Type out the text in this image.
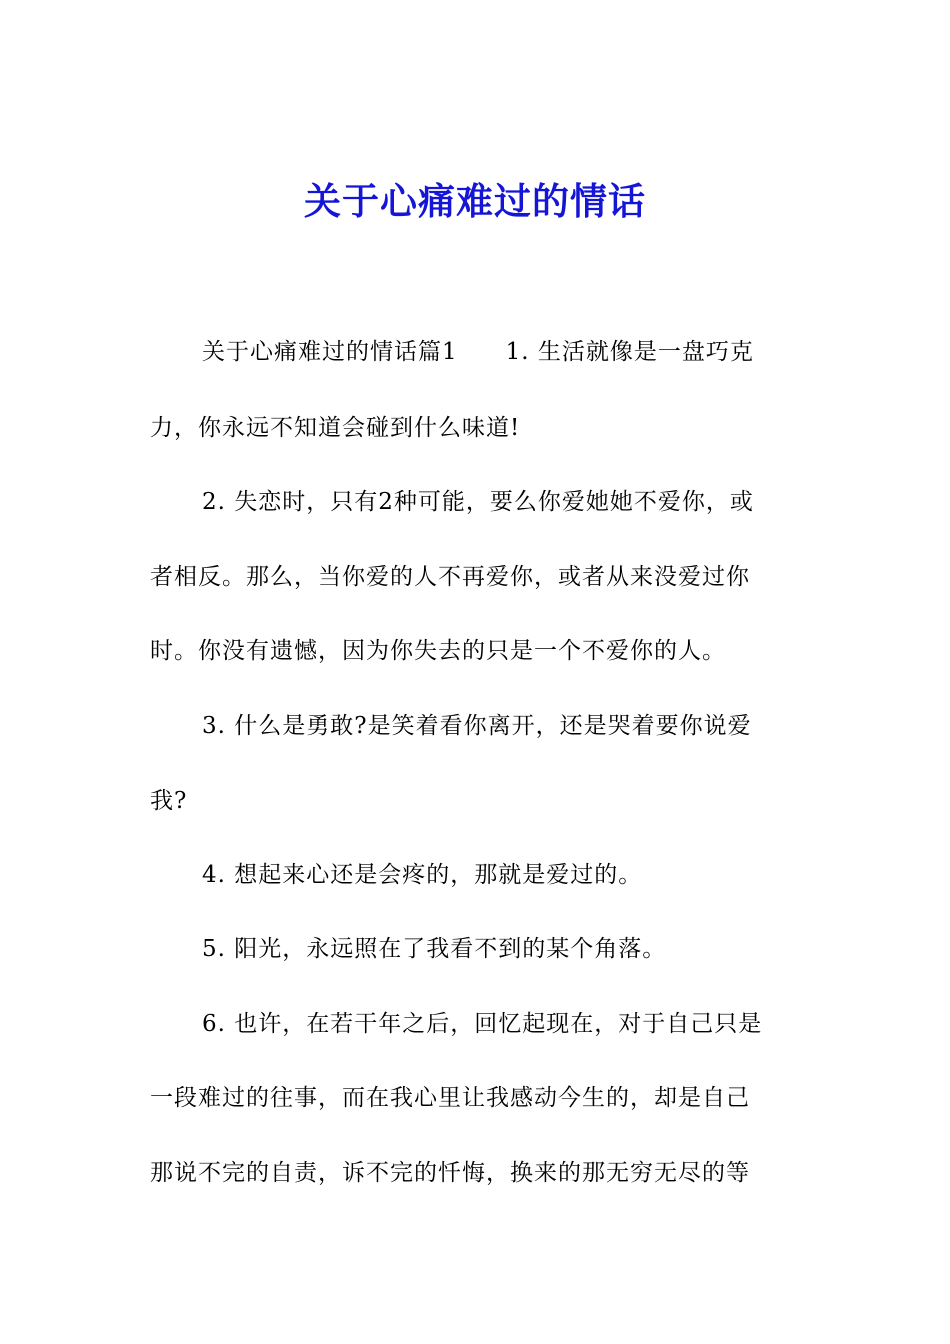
关于心痛难过的情话
关于心痛难过的情话篇1　　1. 生活就像是一盘巧克
力，你永远不知道会碰到什么味道!
2. 失恋时，只有2种可能，要么你爱她她不爱你，或
者相反。那么，当你爱的人不再爱你，或者从来没爱过你
时。你没有遗憾，因为你失去的只是一个不爱你的人。
3. 什么是勇敢?是笑着看你离开，还是哭着要你说爱
我?
4. 想起来心还是会疼的，那就是爱过的。
5. 阳光，永远照在了我看不到的某个角落。
6. 也许，在若干年之后，回忆起现在，对于自己只是
一段难过的往事，而在我心里让我感动今生的，却是自己
那说不完的自责，诉不完的忏悔，换来的那无穷无尽的等
